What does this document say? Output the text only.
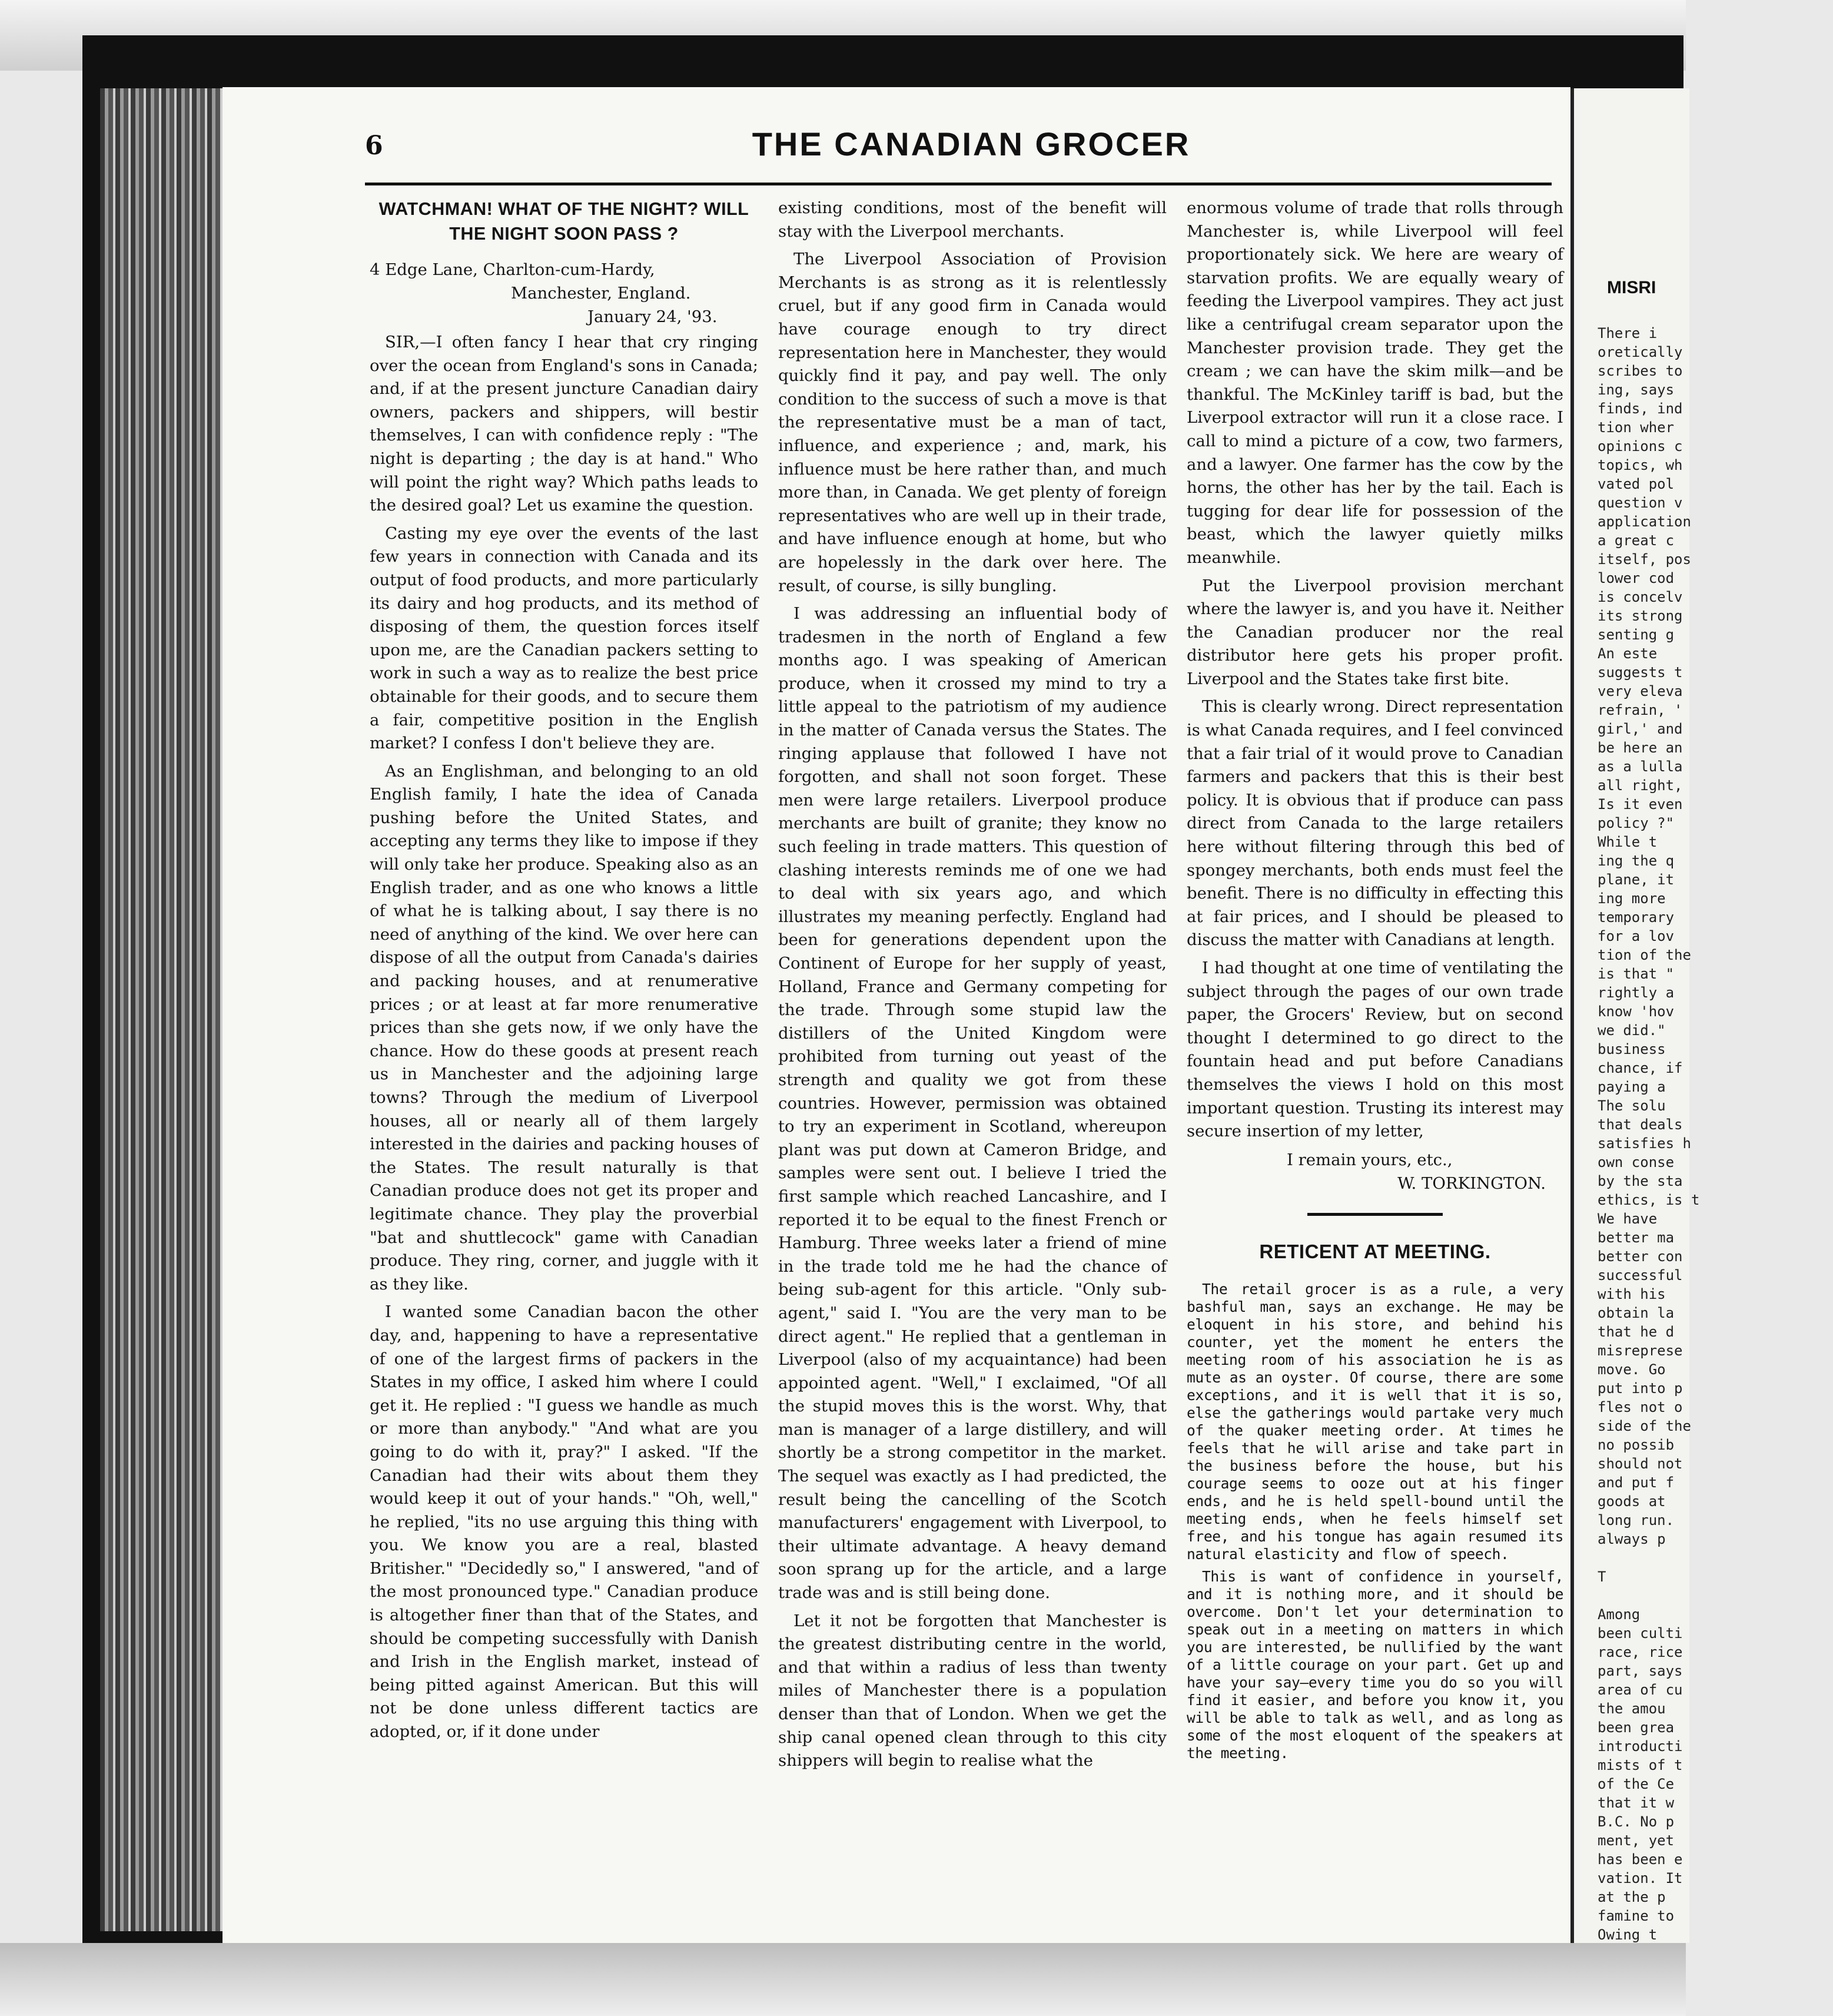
6	THE CANADIAN GROCER
WATCHMAN! WHAT OF THE NIGHT? WILL THE NIGHT SOON PASS ?
4 Edge Lane, Charlton-cum-Hardy,
Manchester, England.
January 24, '93.

SIR,—I often fancy I hear that cry ringing over the ocean from England's sons in Canada; and, if at the present juncture Canadian dairy owners, packers and shippers, will bestir themselves, I can with confidence reply : "The night is departing ; the day is at hand." Who will point the right way? Which paths leads to the desired goal? Let us examine the question.

Casting my eye over the events of the last few years in connection with Canada and its output of food products, and more particularly its dairy and hog products, and its method of disposing of them, the question forces itself upon me, are the Canadian packers setting to work in such a way as to realize the best price obtainable for their goods, and to secure them a fair, competitive position in the English market? I confess I don't believe they are.

As an Englishman, and belonging to an old English family, I hate the idea of Canada pushing before the United States, and accepting any terms they like to impose if they will only take her produce. Speaking also as an English trader, and as one who knows a little of what he is talking about, I say there is no need of anything of the kind. We over here can dispose of all the output from Canada's dairies and packing houses, and at renumerative prices ; or at least at far more renumerative prices than she gets now, if we only have the chance. How do these goods at present reach us in Manchester and the adjoining large towns? Through the medium of Liverpool houses, all or nearly all of them largely interested in the dairies and packing houses of the States. The result naturally is that Canadian produce does not get its proper and legitimate chance. They play the proverbial "bat and shuttlecock" game with Canadian produce. They ring, corner, and juggle with it as they like.

I wanted some Canadian bacon the other day, and, happening to have a representative of one of the largest firms of packers in the States in my office, I asked him where I could get it. He replied : "I guess we handle as much or more than anybody." "And what are you going to do with it, pray?" I asked. "If the Canadian had their wits about them they would keep it out of your hands." "Oh, well," he replied, "its no use arguing this thing with you. We know you are a real, blasted Britisher." "Decidedly so," I answered, "and of the most pronounced type." Canadian produce is altogether finer than that of the States, and should be competing successfully with Danish and Irish in the English market, instead of being pitted against American. But this will not be done unless different tactics are adopted, or, if it done under

existing conditions, most of the benefit will stay with the Liverpool merchants.

The Liverpool Association of Provision Merchants is as strong as it is relentlessly cruel, but if any good firm in Canada would have courage enough to try direct representation here in Manchester, they would quickly find it pay, and pay well. The only condition to the success of such a move is that the representative must be a man of tact, influence, and experience ; and, mark, his influence must be here rather than, and much more than, in Canada. We get plenty of foreign representatives who are well up in their trade, and have influence enough at home, but who are hopelessly in the dark over here. The result, of course, is silly bungling.

I was addressing an influential body of tradesmen in the north of England a few months ago. I was speaking of American produce, when it crossed my mind to try a little appeal to the patriotism of my audience in the matter of Canada versus the States. The ringing applause that followed I have not forgotten, and shall not soon forget. These men were large retailers. Liverpool produce merchants are built of granite; they know no such feeling in trade matters. This question of clashing interests reminds me of one we had to deal with six years ago, and which illustrates my meaning perfectly. England had been for generations dependent upon the Continent of Europe for her supply of yeast, Holland, France and Germany competing for the trade. Through some stupid law the distillers of the United Kingdom were prohibited from turning out yeast of the strength and quality we got from these countries. However, permission was obtained to try an experiment in Scotland, whereupon plant was put down at Cameron Bridge, and samples were sent out. I believe I tried the first sample which reached Lancashire, and I reported it to be equal to the finest French or Hamburg. Three weeks later a friend of mine in the trade told me he had the chance of being sub-agent for this article. "Only sub-agent," said I. "You are the very man to be direct agent." He replied that a gentleman in Liverpool (also of my acquaintance) had been appointed agent. "Well," I exclaimed, "Of all the stupid moves this is the worst. Why, that man is manager of a large distillery, and will shortly be a strong competitor in the market. The sequel was exactly as I had predicted, the result being the cancelling of the Scotch manufacturers' engagement with Liverpool, to their ultimate advantage. A heavy demand soon sprang up for the article, and a large trade was and is still being done.

Let it not be forgotten that Manchester is the greatest distributing centre in the world, and that within a radius of less than twenty miles of Manchester there is a population denser than that of London. When we get the ship canal opened clean through to this city shippers will begin to realise what the

enormous volume of trade that rolls through Manchester is, while Liverpool will feel proportionately sick. We here are weary of starvation profits. We are equally weary of feeding the Liverpool vampires. They act just like a centrifugal cream separator upon the Manchester provision trade. They get the cream ; we can have the skim milk—and be thankful. The McKinley tariff is bad, but the Liverpool extractor will run it a close race. I call to mind a picture of a cow, two farmers, and a lawyer. One farmer has the cow by the horns, the other has her by the tail. Each is tugging for dear life for possession of the beast, which the lawyer quietly milks meanwhile.

Put the Liverpool provision merchant where the lawyer is, and you have it. Neither the Canadian producer nor the real distributor here gets his proper profit. Liverpool and the States take first bite.

This is clearly wrong. Direct representation is what Canada requires, and I feel convinced that a fair trial of it would prove to Canadian farmers and packers that this is their best policy. It is obvious that if produce can pass direct from Canada to the large retailers here without filtering through this bed of spongey merchants, both ends must feel the benefit. There is no difficulty in effecting this at fair prices, and I should be pleased to discuss the matter with Canadians at length.

I had thought at one time of ventilating the subject through the pages of our own trade paper, the Grocers' Review, but on second thought I determined to go direct to the fountain head and put before Canadians themselves the views I hold on this most important question. Trusting its interest may secure insertion of my letter,

I remain yours, etc.,
W. TORKINGTON.
RETICENT AT MEETING.

The retail grocer is as a rule, a very bashful man, says an exchange. He may be eloquent in his store, and behind his counter, yet the moment he enters the meeting room of his association he is as mute as an oyster. Of course, there are some exceptions, and it is well that it is so, else the gatherings would partake very much of the quaker meeting order. At times he feels that he will arise and take part in the business before the house, but his courage seems to ooze out at his finger ends, and he is held spell-bound until the meeting ends, when he feels himself set free, and his tongue has again resumed its natural elasticity and flow of speech.

This is want of confidence in yourself, and it is nothing more, and it should be overcome. Don't let your determination to speak out in a meeting on matters in which you are interested, be nullified by the want of a little courage on your part. Get up and have your say—every time you do so you will find it easier, and before you know it, you will be able to talk as well, and as long as some of the most eloquent of the speakers at the meeting.

MISRI
There i
oretically
scribes to
ing, says
finds, ind
tion wher
opinions c
topics, wh
vated pol
question v
application
a great c
itself, pos
lower cod
is concelv
its strong
senting g
An este
suggests t
very eleva
refrain, '
girl,' and
be here an
as a lulla
all right,
Is it even
policy ?"
While t
ing the q
plane, it
ing more
temporary
for a lov
tion of the
is that "
rightly a
know 'hov
we did."
business
chance, if
paying a
The solu
that deals
satisfies h
own conse
by the sta
ethics, is t
We have
better ma
better con
successful
with his
obtain la
that he d
misreprese
move. Go
put into p
fles not o
side of the
no possib
should not
and put f
goods at
long run.
always p

T

Among
been culti
race, rice
part, says
area of cu
the amou
been grea
introducti
mists of t
of the Ce
that it w
B.C. No p
ment, yet
has been e
vation. It
at the p
famine to
Owing t
